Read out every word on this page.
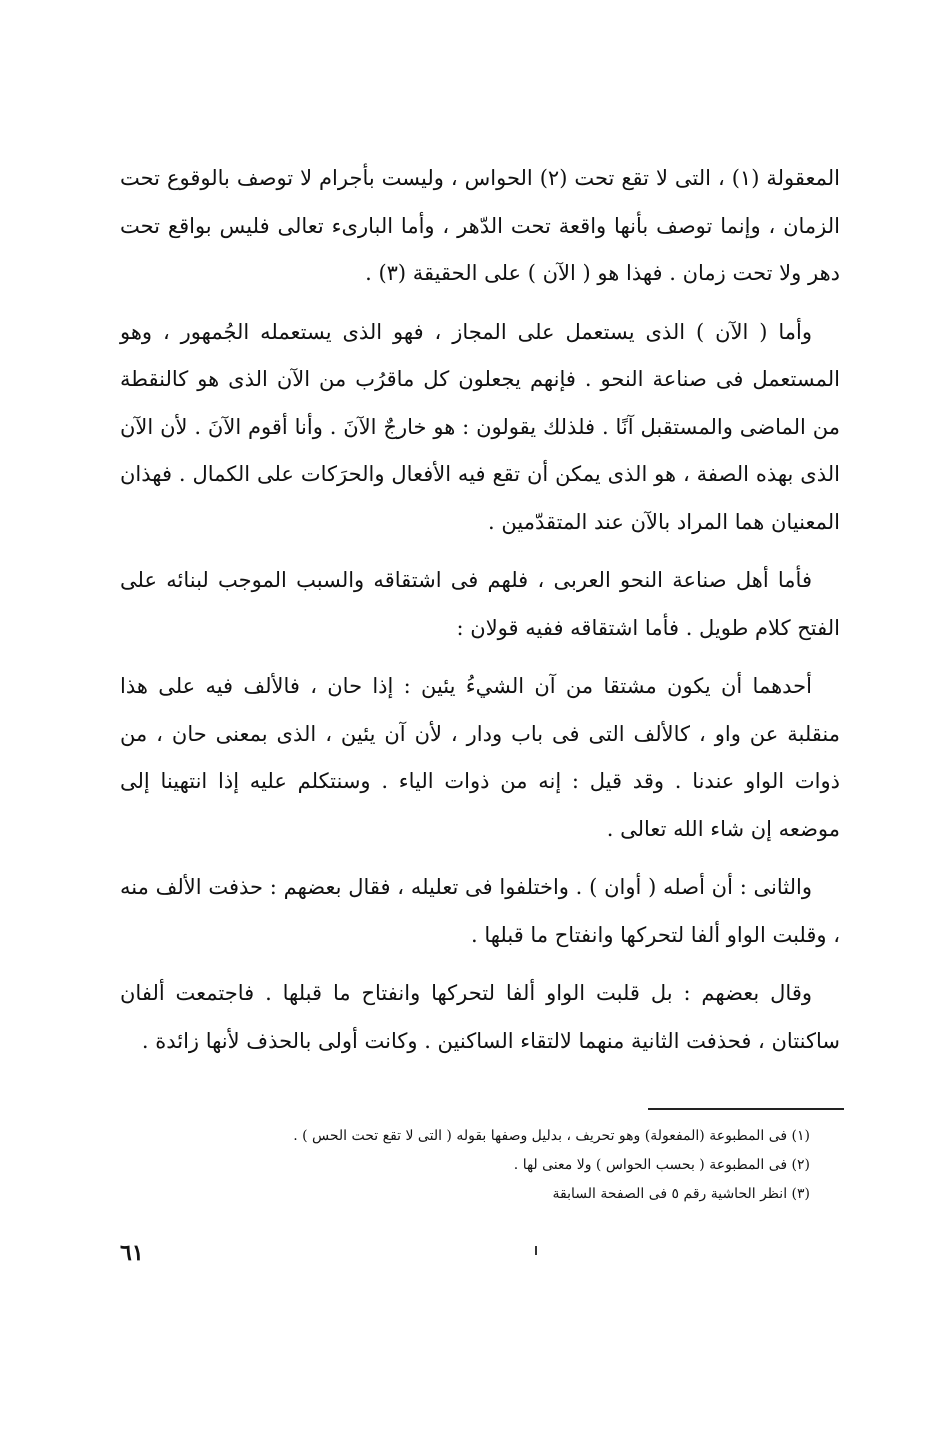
المعقولة (١) ، التى لا تقع تحت (٢) الحواس ، وليست بأجرام لا توصف بالوقوع تحت الزمان ، وإنما توصف بأنها واقعة تحت الدّهر ، وأما البارىء تعالى فليس بواقع تحت دهر ولا تحت زمان . فهذا هو ( الآن ) على الحقيقة (٣) .

وأما ( الآن ) الذى يستعمل على المجاز ، فهو الذى يستعمله الجُمهور ، وهو المستعمل فى صناعة النحو . فإنهم يجعلون كل ماقرُب من الآن الذى هو كالنقطة من الماضى والمستقبل آنًا . فلذلك يقولون : هو خارجٌ الآنَ . وأنا أقوم الآنَ . لأن الآن الذى بهذه الصفة ، هو الذى يمكن أن تقع فيه الأفعال والحرَكات على الكمال . فهذان المعنيان هما المراد بالآن عند المتقدّمين .

فأما أهل صناعة النحو العربى ، فلهم فى اشتقاقه والسبب الموجب لبنائه على الفتح كلام طويل . فأما اشتقاقه ففيه قولان :

أحدهما أن يكون مشتقا من آن الشيءُ يئين : إذا حان ، فالألف فيه على هذا منقلبة عن واو ، كالألف التى فى باب ودار ، لأن آن يئين ، الذى بمعنى حان ، من ذوات الواو عندنا . وقد قيل : إنه من ذوات الياء . وسنتكلم عليه إذا انتهينا إلى موضعه إن شاء الله تعالى .

والثانى : أن أصله ( أوان ) . واختلفوا فى تعليله ، فقال بعضهم : حذفت الألف منه ، وقلبت الواو ألفا لتحركها وانفتاح ما قبلها .

وقال بعضهم : بل قلبت الواو ألفا لتحركها وانفتاح ما قبلها . فاجتمعت ألفان ساكنتان ، فحذفت الثانية منهما لالتقاء الساكنين . وكانت أولى بالحذف لأنها زائدة .

(١) فى المطبوعة (المفعولة) وهو تحريف ، بدليل وصفها بقوله ( التى لا تقع تحت الحس ) .

(٢) فى المطبوعة ( بحسب الحواس ) ولا معنى لها .

(٣) انظر الحاشية رقم ٥ فى الصفحة السابقة

٦١
